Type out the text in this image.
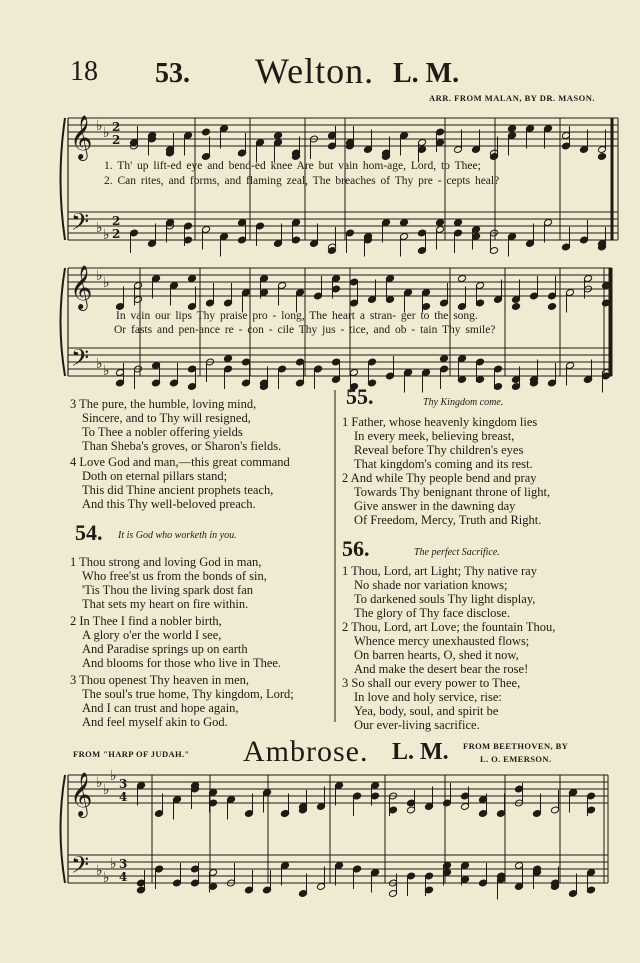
18 53. Welton. L. M.
ARR. FROM MALAN, BY DR. MASON.
𝄞
𝄢
♭
♭
♭
♭
2
2
2
2
𝄞
𝄢
♭
♭
♭
♭
𝄞
𝄢
♭
♭
♭
♭
♭
♭
3
4
3
4
1. Th' up lift-ed eye and bend-ed knee Are but vain hom-age, Lord, to Thee;
2. Can rites, and forms, and flaming zeal, The breaches of Thy pre - cepts heal?
In vain our lips Thy praise pro - long, The heart a stran- ger to the song.
Or fasts and pen-ance re - con - cile Thy jus - tice, and ob - tain Thy smile?
3 The pure, the humble, loving mind,
Sincere, and to Thy will resigned,
To Thee a nobler offering yields
Than Sheba's groves, or Sharon's fields.
4 Love God and man,—this great command
Doth on eternal pillars stand;
This did Thine ancient prophets teach,
And this Thy well-beloved preach.
54. It is God who worketh in you.
1 Thou strong and loving God in man,
Who free'st us from the bonds of sin,
'Tis Thou the living spark dost fan
That sets my heart on fire within.
2 In Thee I find a nobler birth,
A glory o'er the world I see,
And Paradise springs up on earth
And blooms for those who live in Thee.
3 Thou openest Thy heaven in men,
The soul's true home, Thy kingdom, Lord;
And I can trust and hope again,
And feel myself akin to God.
55.	Thy Kingdom come.
1 Father, whose heavenly kingdom lies
In every meek, believing breast,
Reveal before Thy children's eyes
That kingdom's coming and its rest.
2 And while Thy people bend and pray
Towards Thy benignant throne of light,
Give answer in the dawning day
Of Freedom, Mercy, Truth and Right.
56.	The perfect Sacrifice.
1 Thou, Lord, art Light; Thy native ray
No shade nor variation knows;
To darkened souls Thy light display,
The glory of Thy face disclose.
2 Thou, Lord, art Love; the fountain Thou,
Whence mercy unexhausted flows;
On barren hearts, O, shed it now,
And make the desert bear the rose!
3 So shall our every power to Thee,
In love and holy service, rise:
Yea, body, soul, and spirit be
Our ever-living sacrifice.
FROM "HARP OF JUDAH." Ambrose. L. M. FROM BEETHOVEN, BY
L. O. EMERSON.
